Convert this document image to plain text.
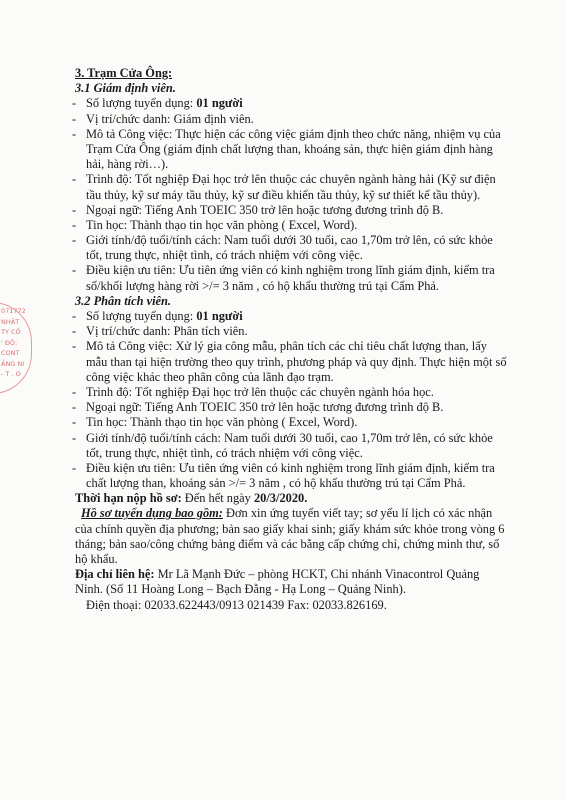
071772
NHẬT
TY CỔ
' ĐỘ:
CONT
ẢNG NI
- T . O
3. Trạm Cửa Ông:
3.1 Giám định viên.
- Số lượng tuyển dụng: 01 người
- Vị trí/chức danh: Giám định viên.
- Mô tả Công việc: Thực hiện các công việc giám định theo chức năng, nhiệm vụ của
Trạm Cửa Ông (giám định chất lượng than, khoáng sản, thực hiện giám định hàng
hải, hàng rời…).
- Trình độ: Tốt nghiệp Đại học trở lên thuộc các chuyên ngành hàng hải (Kỹ sư điện
tầu thủy, kỹ sư máy tầu thủy, kỹ sư điều khiển tầu thủy, kỹ sư thiết kế tầu thủy).
- Ngoại ngữ: Tiếng Anh TOEIC 350 trở lên hoặc tương đương trình độ B.
- Tin học: Thành thạo tin học văn phòng ( Excel, Word).
- Giới tính/độ tuổi/tính cách: Nam tuổi dưới 30 tuổi, cao 1,70m trở lên, có sức khỏe
tốt, trung thực, nhiệt tình, có trách nhiệm với công việc.
- Điều kiện ưu tiên: Ưu tiên ứng viên có kinh nghiệm trong lĩnh giám định, kiểm tra
số/khối lượng hàng rời >/= 3 năm , có hộ khẩu thường trú tại Cẩm Phả.
3.2 Phân tích viên.
- Số lượng tuyển dụng: 01 người
- Vị trí/chức danh: Phân tích viên.
- Mô tả Công việc: Xử lý gia công mẫu, phân tích các chỉ tiêu chất lượng than, lấy
mẫu than tại hiện trường theo quy trình, phương pháp và quy định. Thực hiện một số
công việc khác theo phân công của lãnh đạo trạm.
- Trình độ: Tốt nghiệp Đại học trở lên thuộc các chuyên ngành hóa học.
- Ngoại ngữ: Tiếng Anh TOEIC 350 trở lên hoặc tương đương trình độ B.
- Tin học: Thành thạo tin học văn phòng ( Excel, Word).
- Giới tính/độ tuổi/tính cách: Nam tuổi dưới 30 tuổi, cao 1,70m trở lên, có sức khỏe
tốt, trung thực, nhiệt tình, có trách nhiệm với công việc.
- Điều kiện ưu tiên: Ưu tiên ứng viên có kinh nghiệm trong lĩnh giám định, kiểm tra
chất lượng than, khoáng sản >/= 3 năm , có hộ khẩu thường trú tại Cẩm Phả.
Thời hạn nộp hồ sơ: Đến hết ngày 20/3/2020.
Hồ sơ tuyển dụng bao gồm: Đơn xin ứng tuyển viết tay; sơ yếu lí lịch có xác nhận
của chính quyền địa phương; bản sao giấy khai sinh; giấy khám sức khỏe trong vòng 6
tháng; bản sao/công chứng bảng điểm và các bằng cấp chứng chỉ, chứng minh thư, số
hộ khẩu.
Địa chỉ liên hệ: Mr Lã Mạnh Đức – phòng HCKT, Chi nhánh Vinacontrol Quảng
Ninh. (Số 11 Hoàng Long – Bạch Đằng - Hạ Long – Quảng Ninh).
Điện thoại: 02033.622443/0913 021439 Fax: 02033.826169.
